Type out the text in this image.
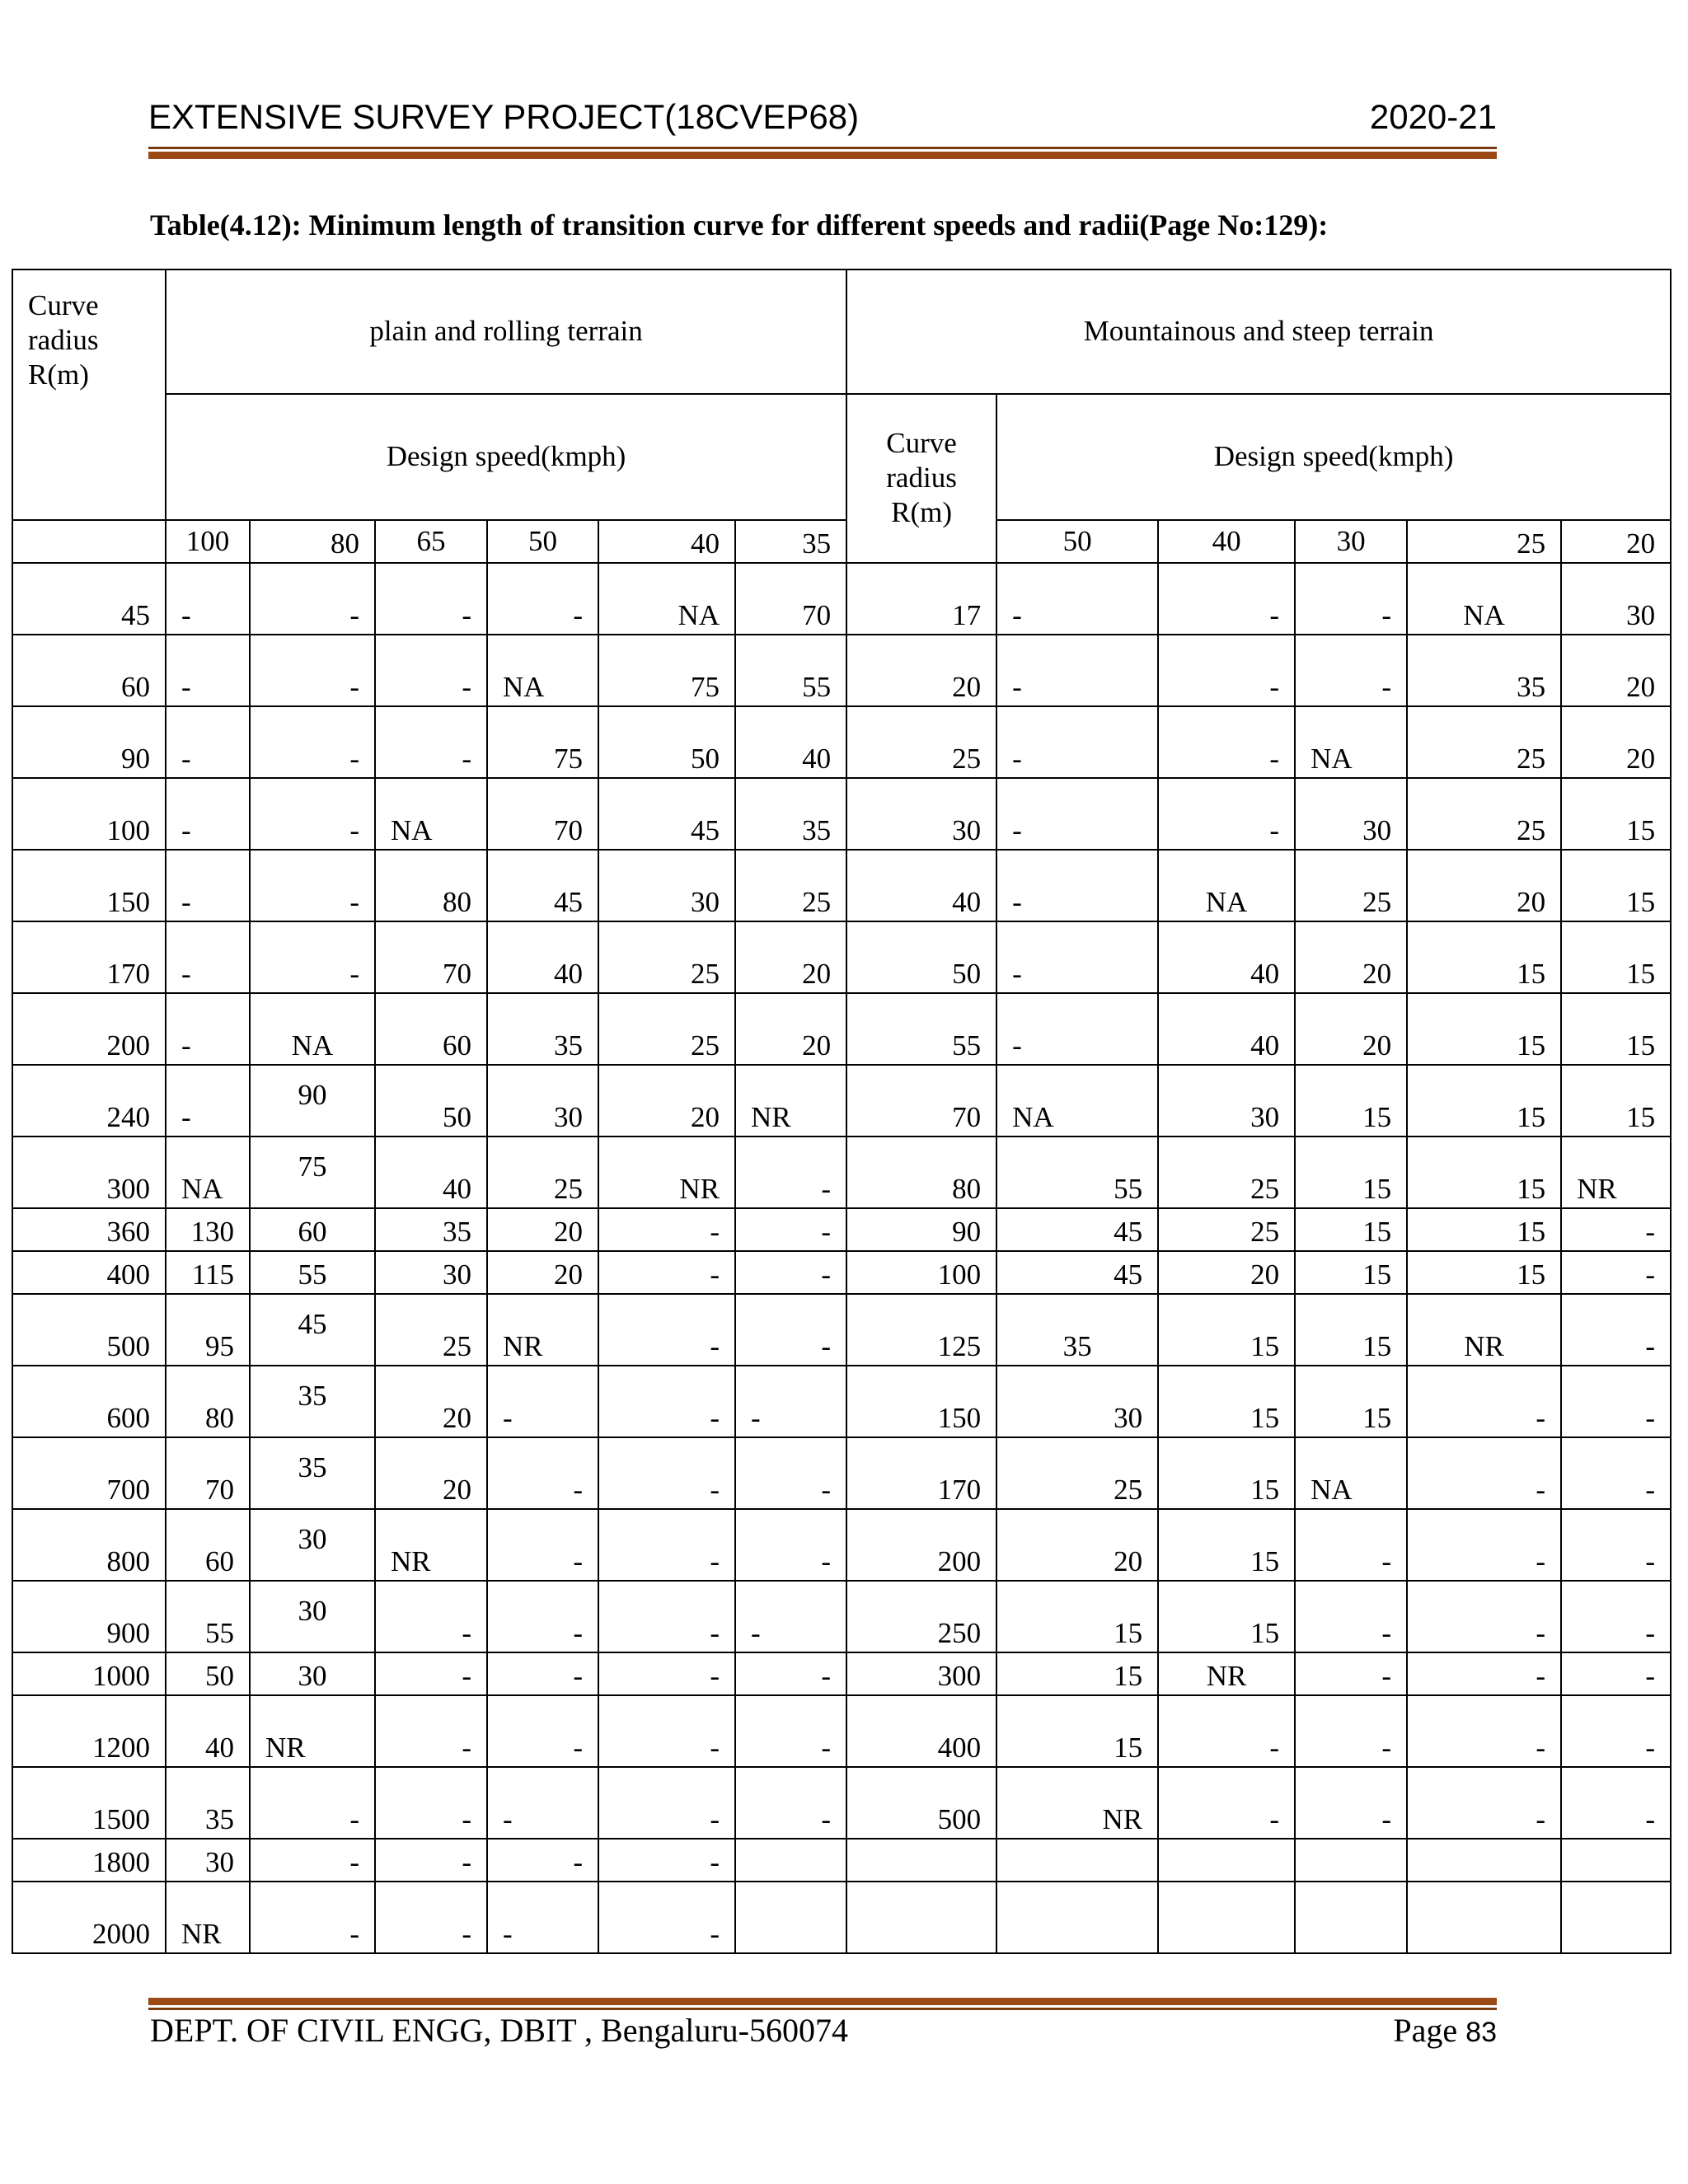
EXTENSIVE SURVEY PROJECT(18CVEP68)	2020-21
Table(4.12): Minimum length of transition curve for different speeds and radii(Page No:129):
Curve radius R(m)	plain and rolling terrain						Mountainous and steep terrain					
	Design speed(kmph)						Curve radius R(m)	Design speed(kmph)				
	100	80	65	50	40	35		50	40	30	25	20
45	-	-	-	-	NA	70	17	-	-	-	NA	30
60	-	-	-	NA	75	55	20	-	-	-	35	20
90	-	-	-	75	50	40	25	-	-	NA	25	20
100	-	-	NA	70	45	35	30	-	-	30	25	15
150	-	-	80	45	30	25	40	-	NA	25	20	15
170	-	-	70	40	25	20	50	-	40	20	15	15
200	-	NA	60	35	25	20	55	-	40	20	15	15
240	-	90	50	30	20	NR	70	NA	30	15	15	15
300	NA	75	40	25	NR	-	80	55	25	15	15	NR
360	130	60	35	20	-	-	90	45	25	15	15	-
400	115	55	30	20	-	-	100	45	20	15	15	-
500	95	45	25	NR	-	-	125	35	15	15	NR	-
600	80	35	20	-	-	-	150	30	15	15	-	-
700	70	35	20	-	-	-	170	25	15	NA	-	-
800	60	30	NR	-	-	-	200	20	15	-	-	-
900	55	30	-	-	-	-	250	15	15	-	-	-
1000	50	30	-	-	-	-	300	15	NR	-	-	-
1200	40	NR	-	-	-	-	400	15	-	-	-	-
1500	35	-	-	-	-	-	500	NR	-	-	-	-
1800	30	-	-	-	-							
2000	NR	-	-	-	-							
DEPT. OF CIVIL ENGG, DBIT , Bengaluru-560074	Page 83
